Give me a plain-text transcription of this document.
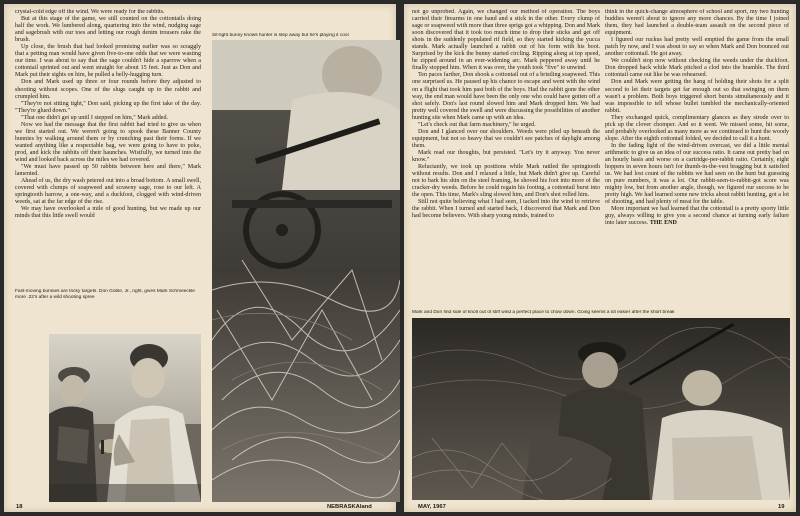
crystal-cold edge off the wind. We were ready for the rabbits.

But at this stage of the game, we still counted on the cottontails doing half the work. We lumbered along, quartering into the wind, nudging sage and sagebrush with our toes and letting our rough denim trousers rake the brush.

Up close, the brush that had looked promising earlier was so scraggly that a petting man would have given five-to-one odds that we were wasting our time. I was about to say that the sage couldn't hide a sparrow when a cottontail sprinted out and went straight for about 15 feet. Just as Don and Mark put their sights on him, he pulled a belly-hugging turn.

Don and Mark used up three or four rounds before they adjusted to shooting without scopes. One of the slugs caught up to the rabbit and crumpled him.

"They're not sitting tight," Don said, picking up the first take of the day. "They're glued down."

"That one didn't get up until I stepped on him," Mark added.

Now we had the message that the first rabbit had tried to give us when we first started out. We weren't going to spook these Banner County bunnies by walking around them or by crunching past their forms. If we wanted anything like a respectable bag, we were going to have to poke, prod, and kick the rabbits off their haunches. Wistfully, we turned into the wind and looked back across the miles we had covered.

"We must have passed up 50 rabbits between here and there," Mark lamented.

Ahead of us, the dry wash petered out into a broad bottom. A small swell, covered with clumps of soapweed and scrawny sage, rose to our left. A springtooth harrow, a one-way, and a duckfoot, clogged with wind-driven weeds, sat at the far edge of the rise.

We may have overlooked a mile of good hunting, but we made up our minds that this little swell would

Fast-moving bunnies are tricky targets. Don Goble, Jr., right, gives Mark Schmeeckle more .22's after a wild shooting spree
18	NEBRASKAland
Sit-tight bunny knows hunter is step away but he's playing it cool

not go unprobed. Again, we changed our method of operation. The boys carried their firearms in one hand and a stick in the other. Every clump of sage or soapweed with more than three sprigs got a whipping. Don and Mark soon discovered that it took too much time to drop their sticks and get off shots in the suddenly populated rif field, so they started kicking the yucca stands. Mark actually launched a rabbit out of his form with his boot. Surprised by the kick the bunny started circling. Ripping along at top speed, he zipped around in an ever-widening arc. Mark peppered away until he finally stopped him. When it was over, the youth took "five" to unwind.

Ten paces farther, Don shook a cottontail out of a bristling soapweed. This one surprised us. He paused up his chance to escape and went with the wind on a flight that took him past both of the boys. Had the rabbit gone the other way, the end man would have been the only one who could have gotten off a shot safely. Don's last round slowed him and Mark dropped him. We had pretty well covered the swell and were discussing the possibilities of another hunting site when Mark came up with an idea.

"Let's check out that farm machinery," he urged.

Don and I glanced over our shoulders. Weeds were piled up beneath the equipment, but not so heavy that we couldn't see patches of daylight among them.

Mark read our thoughts, but persisted. "Let's try it anyway. You never know."

Reluctantly, we took up positions while Mark rattled the springtooth without results. Don and I relaxed a little, but Mark didn't give up. Careful not to bark his shin on the steel framing, he shoved his foot into more of the cracker-dry weeds. Before he could regain his footing, a cottontail burst into the open. This time, Mark's sling slowed him, and Don's shot rolled him.

Still not quite believing what I had seen, I tacked into the wind to retrieve the rabbit. When I turned and started back, I discovered that Mark and Don had become believers. With sharp young minds, trained to

think in the quick-change atmosphere of school and sport, my two hunting buddies weren't about to ignore any more chances. By the time I joined them, they had launched a double-team assault on the second piece of equipment.

I figured our ruckus had pretty well emptied the game from the small patch by now, and I was about to say so when Mark and Don bounced out another cottontail. He got away.

We couldn't stop now without checking the weeds under the duckfoot. Don dropped back while Mark pitched a clod into the bramble. The third cottontail came out like he was rehearsed.

Don and Mark were getting the hang of holding their shots for a split second to let their targets get far enough out so that swinging on them wasn't a problem. Both boys triggered short bursts simultaneously and it was impossible to tell whose bullet tumbled the mechanically-oriented rabbit.

They exchanged quick, complimentary glances as they strode over to pick up the clover chomper. And so it went. We missed some, hit some, and probably overlooked as many more as we continued to hunt the woody slope. After the eighth cottontail folded, we decided to call it a hunt.

In the fading light of the wind-driven overcast, we did a little mental arithmetic to give us an idea of our success ratio. It came out pretty bad on an hourly basis and worse on a cartridge-per-rabbit ratio. Certainly, eight hoppers in seven hours isn't for thumb-in-the-vest bragging but it satisfied us. We had lost count of the rabbits we had seen on the hunt but guessing on pure numbers, it was a lot. Our rabbit-seen-to-rabbit-got score was mighty low, but from another angle, though, we figured our success to be pretty high. We had learned some new tricks about rabbit hunting, got a lot of shooting, and had plenty of meat for the table.

More important we had learned that the cottontail is a pretty sporty little guy, always willing to give you a second chance at turning early failure into later success. THE END

Mark and Don find side of knoll out of stiff wind a perfect place to chow down. Going seems a lot easier after the short break
MAY, 1967	19
